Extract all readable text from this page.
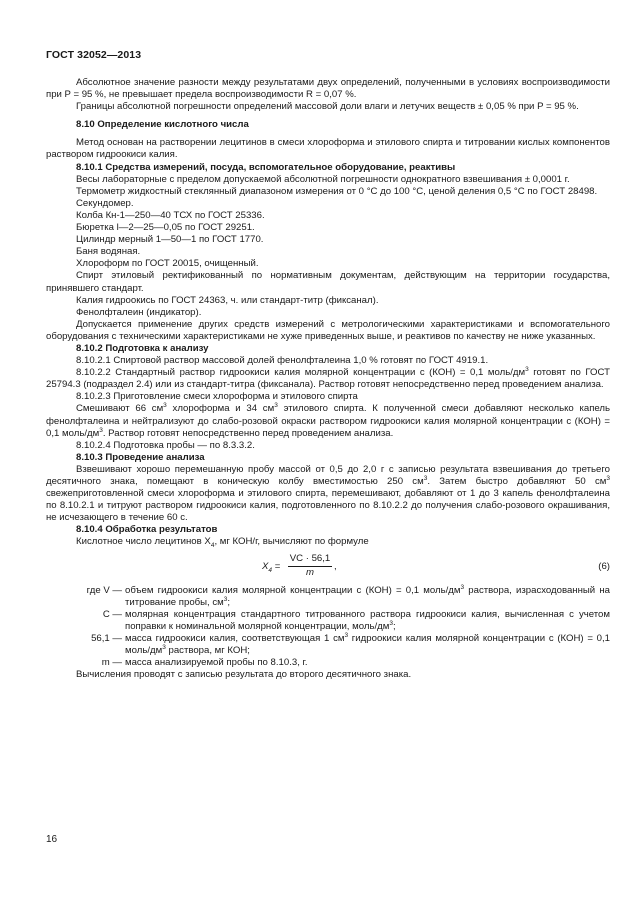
ГОСТ 32052—2013

Абсолютное значение разности между результатами двух определений, полученными в условиях воспроизводимости при P = 95 %, не превышает предела воспроизводимости R = 0,07 %.

Границы абсолютной погрешности определений массовой доли влаги и летучих веществ ± 0,05 % при P = 95 %.

8.10 Определение кислотного числа

Метод основан на растворении лецитинов в смеси хлороформа и этилового спирта и титровании кислых компонентов раствором гидроокиси калия.

8.10.1 Средства измерений, посуда, вспомогательное оборудование, реактивы

Весы лабораторные с пределом допускаемой абсолютной погрешности однократного взвешивания ± 0,0001 г.

Термометр жидкостный стеклянный диапазоном измерения от 0 °С до 100 °С, ценой деления 0,5 °С по ГОСТ 28498.

Секундомер.

Колба Кн-1—250—40 ТСХ по ГОСТ 25336.

Бюретка l—2—25—0,05 по ГОСТ 29251.

Цилиндр мерный 1—50—1 по ГОСТ 1770.

Баня водяная.

Хлороформ по ГОСТ 20015, очищенный.

Спирт этиловый ректификованный по нормативным документам, действующим на территории государства, принявшего стандарт.

Калия гидроокись по ГОСТ 24363, ч. или стандарт-титр (фиксанал).

Фенолфталеин (индикатор).

Допускается применение других средств измерений с метрологическими характеристиками и вспомогательного оборудования с техническими характеристиками не хуже приведенных выше, и реактивов по качеству не ниже указанных.

8.10.2 Подготовка к анализу

8.10.2.1 Спиртовой раствор массовой долей фенолфталеина 1,0 % готовят по ГОСТ 4919.1.

8.10.2.2 Стандартный раствор гидроокиси калия молярной концентрации с (КОН) = 0,1 моль/$дм^3$ готовят по ГОСТ 25794.3 (подраздел 2.4) или из стандарт-титра (фиксанала). Раствор готовят непосредственно перед проведением анализа.

8.10.2.3 Приготовление смеси хлороформа и этилового спирта

Смешивают 66 $см^3$ хлороформа и 34 $см^3$ этилового спирта. К полученной смеси добавляют несколько капель фенолфталеина и нейтрализуют до слабо-розовой окраски раствором гидроокиси калия молярной концентрации с (КОН) = 0,1 моль/$дм^3$. Раствор готовят непосредственно перед проведением анализа.

8.10.2.4 Подготовка пробы — по 8.3.3.2.

8.10.3 Проведение анализа

Взвешивают хорошо перемешанную пробу массой от 0,5 до 2,0 г с записью результата взвешивания до третьего десятичного знака, помещают в коническую колбу вместимостью 250 $см^3$. Затем быстро добавляют 50 $см^3$ свежеприготовленной смеси хлороформа и этилового спирта, перемешивают, добавляют от 1 до 3 капель фенолфталеина по 8.10.2.1 и титруют раствором гидроокиси калия, подготовленного по 8.10.2.2 до получения слабо-розового окрашивания, не исчезающего в течение 60 с.

8.10.4 Обработка результатов

Кислотное число лецитинов $X_4$, мг КОН/г, вычисляют по формуле

$X_4 = \frac{VC \cdot 56,1}{m}$ ,	(6)

где V — объем гидроокиси калия молярной концентрации с (КОН) = 0,1 моль/$дм^3$ раствора, израсходованный на титрование пробы, $см^3$;

C — молярная концентрация стандартного титрованного раствора гидроокиси калия, вычисленная с учетом поправки к номинальной молярной концентрации, моль/$дм^3$;

56,1 — масса гидроокиси калия, соответствующая 1 $см^3$ гидроокиси калия молярной концентрации с (КОН) = 0,1 моль/$дм^3$ раствора, мг КОН;

m — масса анализируемой пробы по 8.10.3, г.

Вычисления проводят с записью результата до второго десятичного знака.

16
